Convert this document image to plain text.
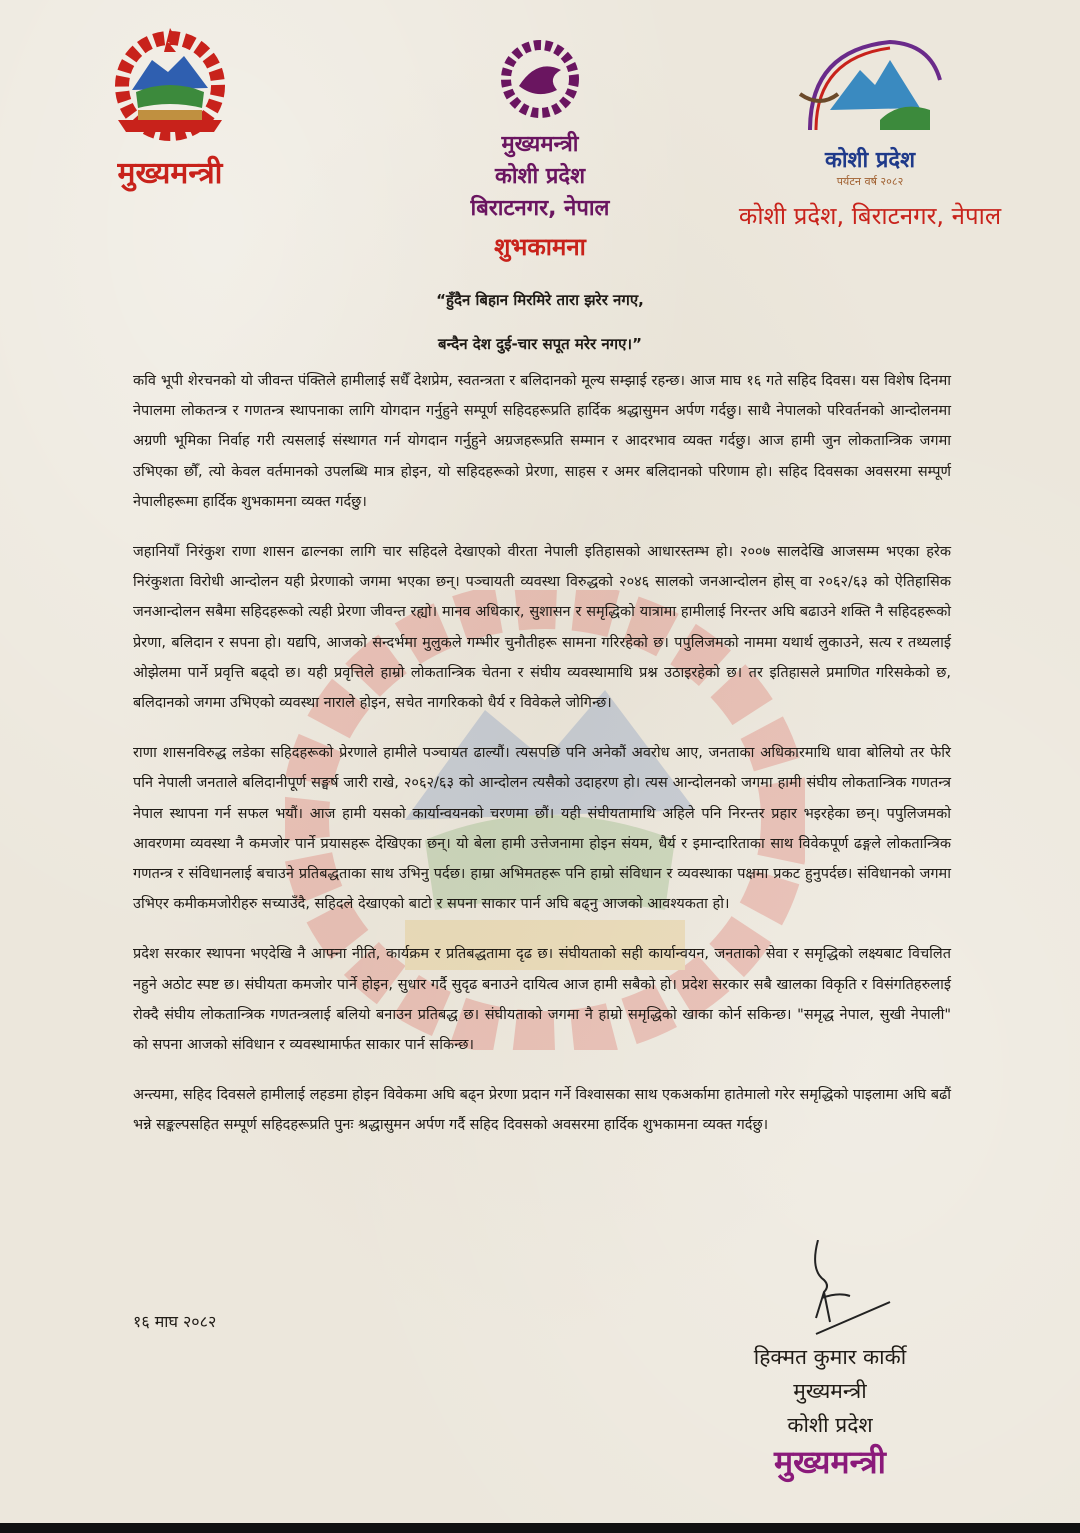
मुख्यमन्त्री
मुख्यमन्त्री
कोशी प्रदेश
बिराटनगर, नेपाल
शुभकामना
कोशी प्रदेश
पर्यटन वर्ष २०८२
कोशी प्रदेश, बिराटनगर, नेपाल
“हुँदैन बिहान मिरमिरे तारा झरेर नगए,
बन्दैन देश दुई-चार सपूत मरेर नगए।”

कवि भूपी शेरचनको यो जीवन्त पंक्तिले हामीलाई सधैँ देशप्रेम, स्वतन्त्रता र बलिदानको मूल्य सम्झाई रहन्छ। आज माघ १६ गते सहिद दिवस। यस विशेष दिनमा नेपालमा लोकतन्त्र र गणतन्त्र स्थापनाका लागि योगदान गर्नुहुने सम्पूर्ण सहिदहरूप्रति हार्दिक श्रद्धासुमन अर्पण गर्दछु। साथै नेपालको परिवर्तनको आन्दोलनमा अग्रणी भूमिका निर्वाह गरी त्यसलाई संस्थागत गर्न योगदान गर्नुहुने अग्रजहरूप्रति सम्मान र आदरभाव व्यक्त गर्दछु। आज हामी जुन लोकतान्त्रिक जगमा उभिएका छौँ, त्यो केवल वर्तमानको उपलब्धि मात्र होइन, यो सहिदहरूको प्रेरणा, साहस र अमर बलिदानको परिणाम हो। सहिद दिवसका अवसरमा सम्पूर्ण नेपालीहरूमा हार्दिक शुभकामना व्यक्त गर्दछु।

जहानियाँ निरंकुश राणा शासन ढाल्नका लागि चार सहिदले देखाएको वीरता नेपाली इतिहासको आधारस्तम्भ हो। २००७ सालदेखि आजसम्म भएका हरेक निरंकुशता विरोधी आन्दोलन यही प्रेरणाको जगमा भएका छन्। पञ्चायती व्यवस्था विरुद्धको २०४६ सालको जनआन्दोलन होस् वा २०६२/६३ को ऐतिहासिक जनआन्दोलन सबैमा सहिदहरूको त्यही प्रेरणा जीवन्त रह्यो। मानव अधिकार, सुशासन र समृद्धिको यात्रामा हामीलाई निरन्तर अघि बढाउने शक्ति नै सहिदहरूको प्रेरणा, बलिदान र सपना हो। यद्यपि, आजको सन्दर्भमा मुलुकले गम्भीर चुनौतीहरू सामना गरिरहेको छ। पपुलिजमको नाममा यथार्थ लुकाउने, सत्य र तथ्यलाई ओझेलमा पार्ने प्रवृत्ति बढ्दो छ। यही प्रवृत्तिले हाम्रो लोकतान्त्रिक चेतना र संघीय व्यवस्थामाथि प्रश्न उठाइरहेको छ। तर इतिहासले प्रमाणित गरिसकेको छ, बलिदानको जगमा उभिएको व्यवस्था नाराले होइन, सचेत नागरिकको धैर्य र विवेकले जोगिन्छ।

राणा शासनविरुद्ध लडेका सहिदहरूको प्रेरणाले हामीले पञ्चायत ढाल्यौं। त्यसपछि पनि अनेकौं अवरोध आए, जनताका अधिकारमाथि धावा बोलियो तर फेरि पनि नेपाली जनताले बलिदानीपूर्ण सङ्घर्ष जारी राखे, २०६२/६३ को आन्दोलन त्यसैको उदाहरण हो। त्यस आन्दोलनको जगमा हामी संघीय लोकतान्त्रिक गणतन्त्र नेपाल स्थापना गर्न सफल भयौं। आज हामी यसको कार्यान्वयनको चरणमा छौं। यही संघीयतामाथि अहिले पनि निरन्तर प्रहार भइरहेका छन्। पपुलिजमको आवरणमा व्यवस्था नै कमजोर पार्ने प्रयासहरू देखिएका छन्। यो बेला हामी उत्तेजनामा होइन संयम, धैर्य र इमान्दारिताका साथ विवेकपूर्ण ढङ्गले लोकतान्त्रिक गणतन्त्र र संविधानलाई बचाउने प्रतिबद्धताका साथ उभिनु पर्दछ। हाम्रा अभिमतहरू पनि हाम्रो संविधान र व्यवस्थाका पक्षमा प्रकट हुनुपर्दछ। संविधानको जगमा उभिएर कमीकमजोरीहरु सच्याउँदै, सहिदले देखाएको बाटो र सपना साकार पार्न अघि बढ्नु आजको आवश्यकता हो।

प्रदेश सरकार स्थापना भएदेखि नै आफ्ना नीति, कार्यक्रम र प्रतिबद्धतामा दृढ छ। संघीयताको सही कार्यान्वयन, जनताको सेवा र समृद्धिको लक्ष्यबाट विचलित नहुने अठोट स्पष्ट छ। संघीयता कमजोर पार्ने होइन, सुधार गर्दै सुदृढ बनाउने दायित्व आज हामी सबैको हो। प्रदेश सरकार सबै खालका विकृति र विसंगतिहरुलाई रोक्दै संघीय लोकतान्त्रिक गणतन्त्रलाई बलियो बनाउन प्रतिबद्ध छ। संघीयताको जगमा नै हाम्रो समृद्धिको खाका कोर्न सकिन्छ। "समृद्ध नेपाल, सुखी नेपाली" को सपना आजको संविधान र व्यवस्थामार्फत साकार पार्न सकिन्छ।

अन्त्यमा, सहिद दिवसले हामीलाई लहडमा होइन विवेकमा अघि बढ्न प्रेरणा प्रदान गर्ने विश्वासका साथ एकअर्कामा हातेमालो गरेर समृद्धिको पाइलामा अघि बढौं भन्ने सङ्कल्पसहित सम्पूर्ण सहिदहरूप्रति पुनः श्रद्धासुमन अर्पण गर्दै सहिद दिवसको अवसरमा हार्दिक शुभकामना व्यक्त गर्दछु।

१६ माघ २०८२
हिक्मत कुमार कार्की
मुख्यमन्त्री
कोशी प्रदेश
मुख्यमन्त्री
